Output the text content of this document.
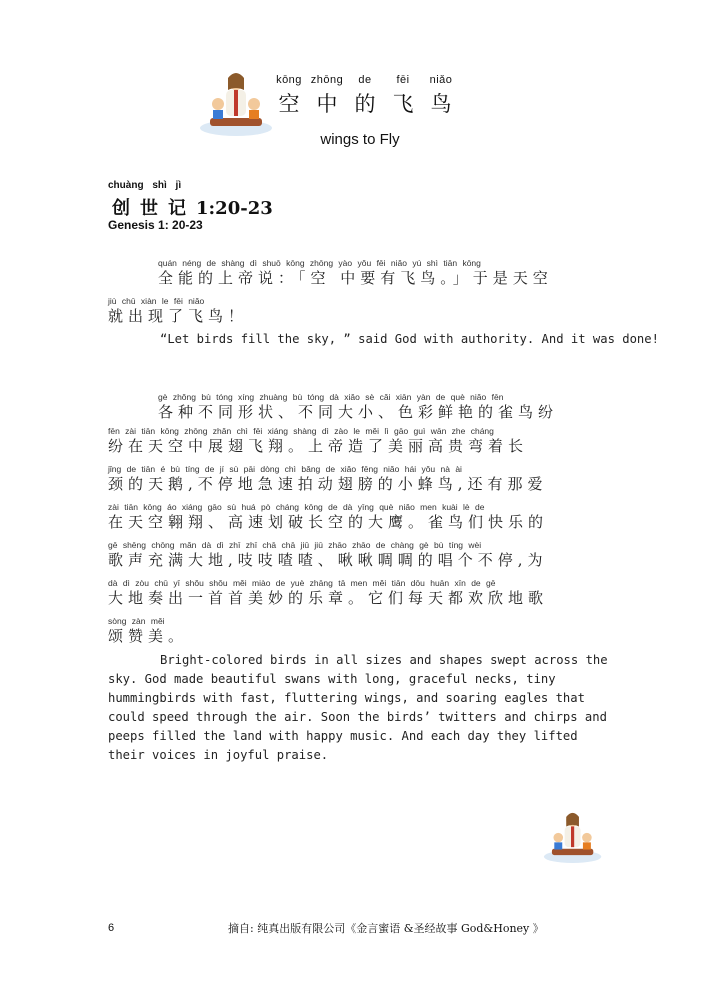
kōng zhōng de fēi niǎo
空 中 的 飞 鸟
wings to Fly
chuàng shì jì
创 世 记 1:20-23
Genesis 1: 20-23
quán néng de shàng dì shuō kōng zhōng yào yǒu fēi niǎo yú shì tiān kōng
全能的上帝说：「空 中要有飞鸟。」于是天空
jiù chū xiàn le fēi niǎo
就出现了飞鸟！
“Let birds fill the sky, ” said God with authority. And it was done!
gè zhǒng bù tóng xíng zhuàng bù tóng dà xiǎo sè cǎi xiān yàn de què niǎo fēn
各种不同形状、不同大小、色彩鲜艳的雀鸟纷
fēn zài tiān kōng zhōng zhǎn chì fēi xiáng shàng dì zào le měi lì gāo guì wān zhe cháng
纷在天空中展翅飞翔。上帝造了美丽高贵弯着长
jǐng de tiān é bù tíng de jí sù pāi dòng chì bǎng de xiǎo fēng niǎo hái yǒu nà ài
颈的天鹅,不停地急速拍动翅膀的小蜂鸟,还有那爱
zài tiān kōng áo xiáng gāo sù huá pò cháng kōng de dà yīng què niǎo men kuài lè de
在天空翱翔、高速划破长空的大鹰。雀鸟们快乐的
gē shēng chōng mǎn dà dì zhī zhī chā chā jiū jiū zhāo zhāo de chàng gè bù tíng wèi
歌声充满大地,吱吱喳喳、啾啾啁啁的唱个不停,为
dà dì zòu chū yī shǒu shǒu měi miào de yuè zhāng tā men měi tiān dōu huān xīn de gē
大地奏出一首首美妙的乐章。它们每天都欢欣地歌
sòng zàn měi
颂赞美。
Bright-colored birds in all sizes and shapes swept across the sky. God made beautiful swans with long, graceful necks, tiny hummingbirds with fast, fluttering wings, and soaring eagles that could speed through the air. Soon the birds’ twitters and chirps and peeps filled the land with happy music. And each day they lifted their voices in joyful praise.
6	摘自: 纯真出版有限公司《金言蜜语 &圣经故事 God&Honey 》
